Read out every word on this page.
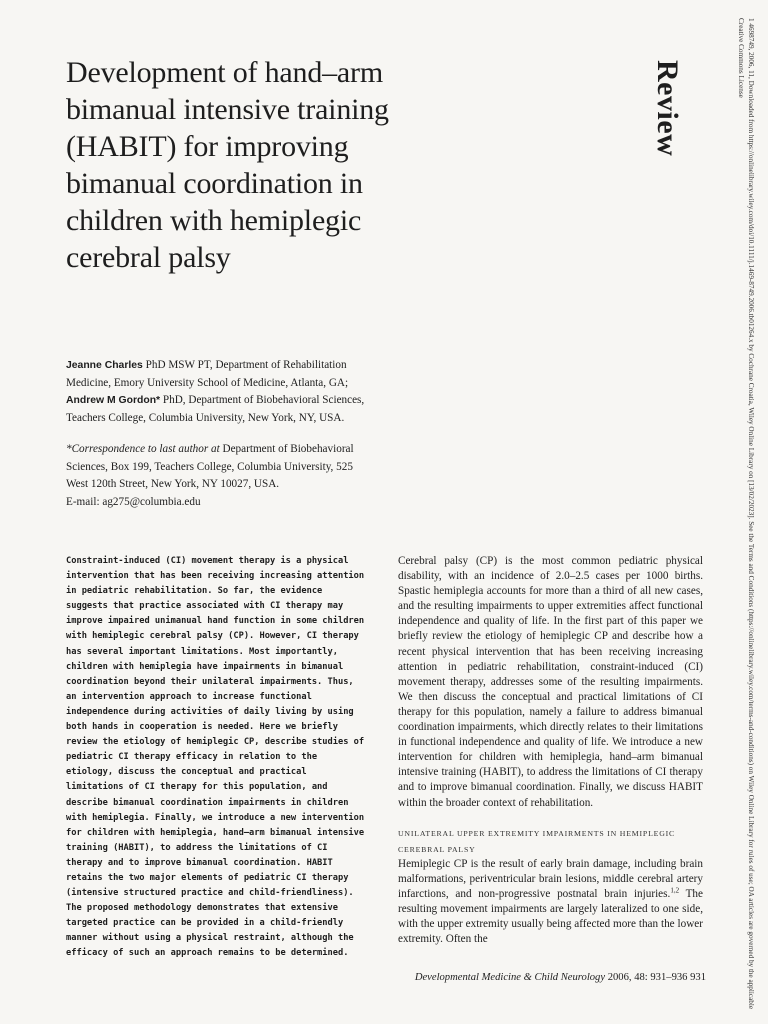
Development of hand–arm bimanual intensive training (HABIT) for improving bimanual coordination in children with hemiplegic cerebral palsy
Review	1 4698749, 2006, 11, Downloaded from https://onlinelibrary.wiley.com/doi/10.1111/j.1469-8749.2006.tb01264.x by Cochrane Croatia, Wiley Online Library on [13/02/2023]. See the Terms and Conditions (https://onlinelibrary.wiley.com/terms-and-conditions) on Wiley Online Library for rules of use; OA articles are governed by the applicable Creative Commons License
Jeanne Charles PhD MSW PT, Department of Rehabilitation Medicine, Emory University School of Medicine, Atlanta, GA;
Andrew M Gordon* PhD, Department of Biobehavioral Sciences, Teachers College, Columbia University, New York, NY, USA.
*Correspondence to last author at Department of Biobehavioral Sciences, Box 199, Teachers College, Columbia University, 525 West 120th Street, New York, NY 10027, USA.
E-mail: ag275@columbia.edu

Constraint-induced (CI) movement therapy is a physical intervention that has been receiving increasing attention in pediatric rehabilitation. So far, the evidence suggests that practice associated with CI therapy may improve impaired unimanual hand function in some children with hemiplegic cerebral palsy (CP). However, CI therapy has several important limitations. Most importantly, children with hemiplegia have impairments in bimanual coordination beyond their unilateral impairments. Thus, an intervention approach to increase functional independence during activities of daily living by using both hands in cooperation is needed. Here we briefly review the etiology of hemiplegic CP, describe studies of pediatric CI therapy efficacy in relation to the etiology, discuss the conceptual and practical limitations of CI therapy for this population, and describe bimanual coordination impairments in children with hemiplegia. Finally, we introduce a new intervention for children with hemiplegia, hand–arm bimanual intensive training (HABIT), to address the limitations of CI therapy and to improve bimanual coordination. HABIT retains the two major elements of pediatric CI therapy (intensive structured practice and child-friendliness). The proposed methodology demonstrates that extensive targeted practice can be provided in a child-friendly manner without using a physical restraint, although the efficacy of such an approach remains to be determined.

Cerebral palsy (CP) is the most common pediatric physical disability, with an incidence of 2.0–2.5 cases per 1000 births. Spastic hemiplegia accounts for more than a third of all new cases, and the resulting impairments to upper extremities affect functional independence and quality of life. In the first part of this paper we briefly review the etiology of hemiplegic CP and describe how a recent physical intervention that has been receiving increasing attention in pediatric rehabilitation, constraint-induced (CI) movement therapy, addresses some of the resulting impairments. We then discuss the conceptual and practical limitations of CI therapy for this population, namely a failure to address bimanual coordination impairments, which directly relates to their limitations in functional independence and quality of life. We introduce a new intervention for children with hemiplegia, hand–arm bimanual intensive training (HABIT), to address the limitations of CI therapy and to improve bimanual coordination. Finally, we discuss HABIT within the broader context of rehabilitation.

UNILATERAL UPPER EXTREMITY IMPAIRMENTS IN HEMIPLEGIC CEREBRAL PALSY

Hemiplegic CP is the result of early brain damage, including brain malformations, periventricular brain lesions, middle cerebral artery infarctions, and non-progressive postnatal brain injuries.$^{1,2}$ The resulting movement impairments are largely lateralized to one side, with the upper extremity usually being affected more than the lower extremity. Often the

Developmental Medicine & Child Neurology 2006, 48: 931–936 931
